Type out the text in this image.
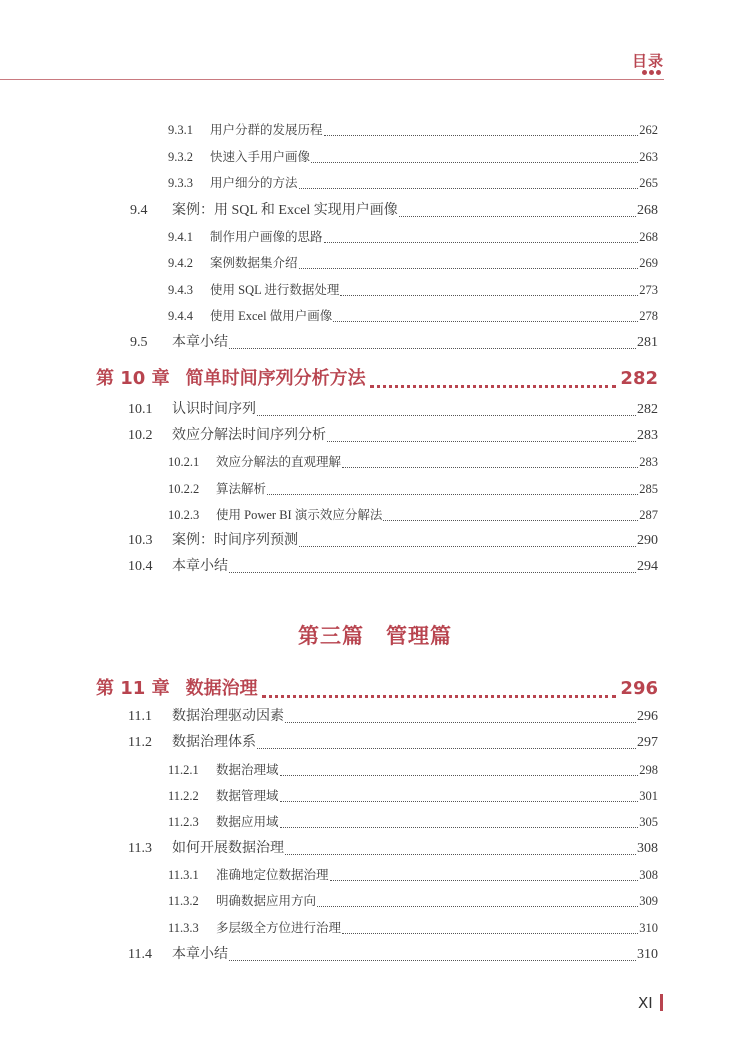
目录
9.3.1	用户分群的发展历程	262
9.3.2	快速入手用户画像	263
9.3.3	用户细分的方法	265
9.4	案例：用 SQL 和 Excel 实现用户画像	268
9.4.1	制作用户画像的思路	268
9.4.2	案例数据集介绍	269
9.4.3	使用 SQL 进行数据处理	273
9.4.4	使用 Excel 做用户画像	278
9.5	本章小结	281
第 10 章 简单时间序列分析方法	282
10.1	认识时间序列	282
10.2	效应分解法时间序列分析	283
10.2.1	效应分解法的直观理解	283
10.2.2	算法解析	285
10.2.3	使用 Power BI 演示效应分解法	287
10.3	案例：时间序列预测	290
10.4	本章小结	294
第三篇　管理篇
第 11 章 数据治理	296
11.1	数据治理驱动因素	296
11.2	数据治理体系	297
11.2.1	数据治理域	298
11.2.2	数据管理域	301
11.2.3	数据应用域	305
11.3	如何开展数据治理	308
11.3.1	准确地定位数据治理	308
11.3.2	明确数据应用方向	309
11.3.3	多层级全方位进行治理	310
11.4	本章小结	310
XI
